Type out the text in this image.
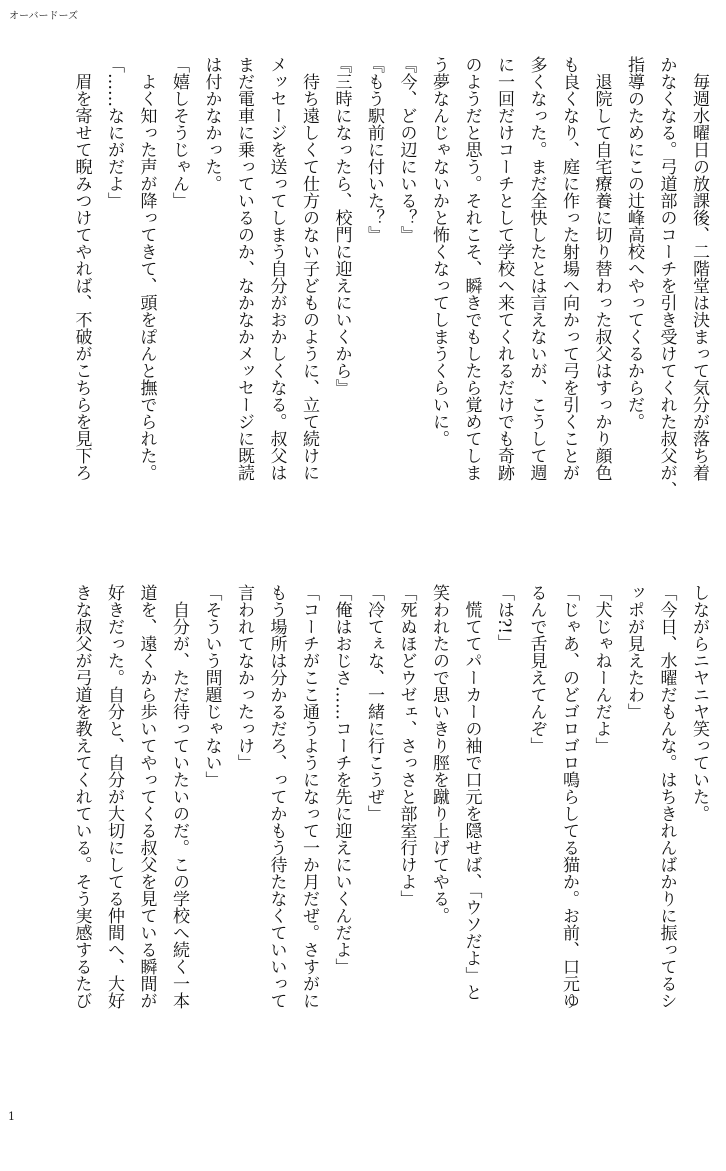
オーバードーズ
　毎週水曜日の放課後、二階堂は決まって気分が落ち着
かなくなる。弓道部のコーチを引き受けてくれた叔父が、
指導のためにこの辻峰高校へやってくるからだ。
　退院して自宅療養に切り替わった叔父はすっかり顔色
も良くなり、庭に作った射場へ向かって弓を引くことが
多くなった。まだ全快したとは言えないが、こうして週
に一回だけコーチとして学校へ来てくれるだけでも奇跡
のようだと思う。それこそ、瞬きでもしたら覚めてしま
う夢なんじゃないかと怖くなってしまうくらいに。
『今、どの辺にいる？』
『もう駅前に付いた？』
『三時になったら、校門に迎えにいくから』
　待ち遠しくて仕方のない子どものように、立て続けに
メッセージを送ってしまう自分がおかしくなる。叔父は
まだ電車に乗っているのか、なかなかメッセージに既読
は付かなかった。
「嬉しそうじゃん」
　よく知った声が降ってきて、頭をぽんと撫でられた。
「……なにがだよ」
　眉を寄せて睨みつけてやれば、不破がこちらを見下ろ
しながらニヤニヤ笑っていた。
「今日、水曜だもんな。はちきれんばかりに振ってるシ
ッポが見えたわ」
「犬じゃねーんだよ」
「じゃあ、のどゴロゴロ鳴らしてる猫か。お前、口元ゆ
るんで舌見えてんぞ」
「は?!」
　慌ててパーカーの袖で口元を隠せば、「ウソだよ」と
笑われたので思いきり脛を蹴り上げてやる。
「死ぬほどウゼェ、さっさと部室行けよ」
「冷てぇな、一緒に行こうぜ」
「俺はおじさ……コーチを先に迎えにいくんだよ」
「コーチがここ通うようになって一か月だぜ。さすがに
もう場所は分かるだろ、ってかもう待たなくていいって
言われてなかったっけ」
「そういう問題じゃない」
　自分が、ただ待っていたいのだ。この学校へ続く一本
道を、遠くから歩いてやってくる叔父を見ている瞬間が
好きだった。自分と、自分が大切にしてる仲間へ、大好
きな叔父が弓道を教えてくれている。そう実感するたび
1
